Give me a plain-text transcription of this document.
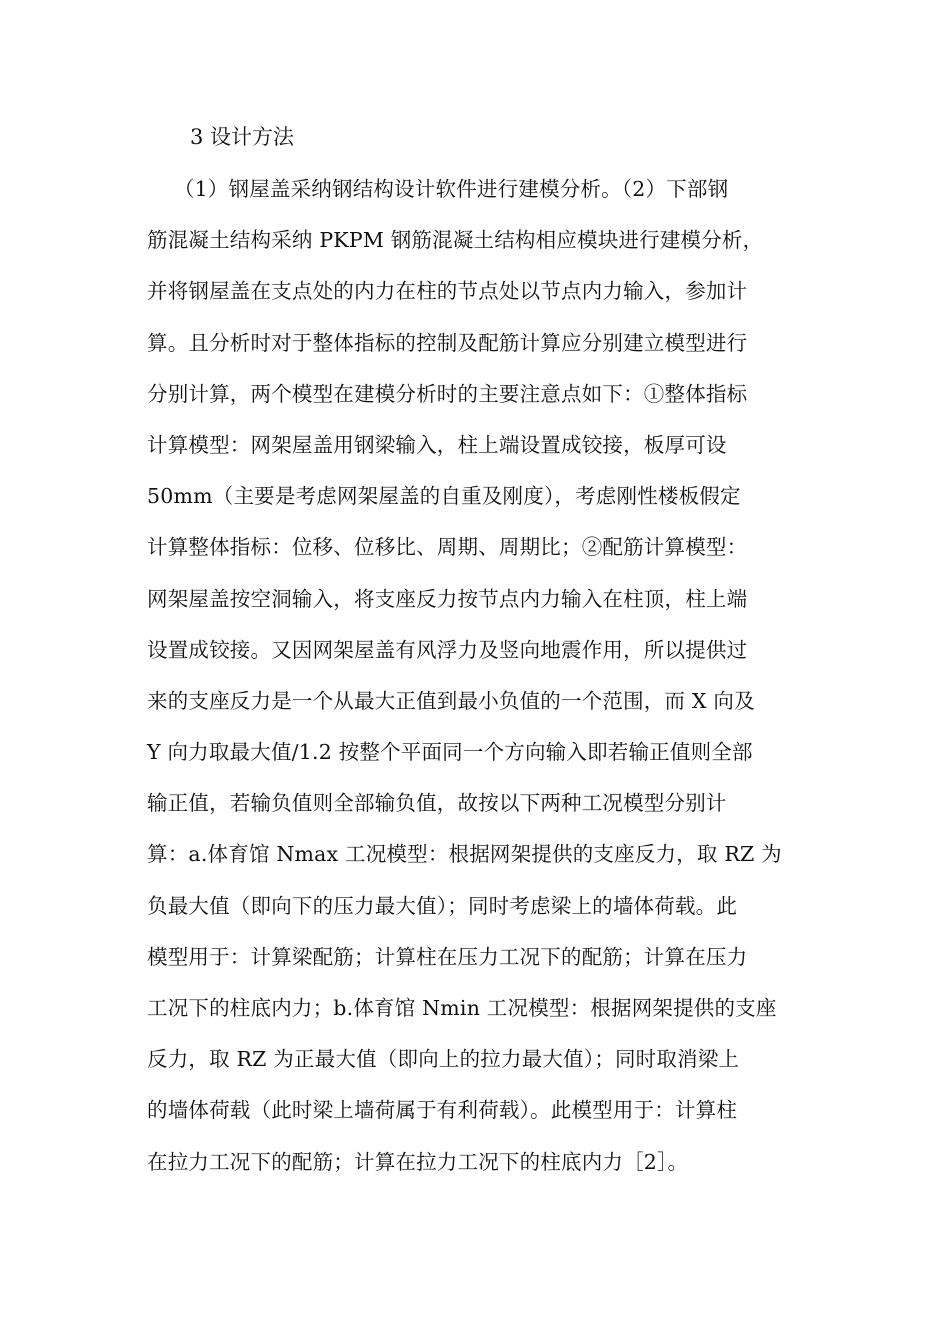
3 设计方法
（1）钢屋盖采纳钢结构设计软件进行建模分析。（2）下部钢
筋混凝土结构采纳 PKPM 钢筋混凝土结构相应模块进行建模分析，
并将钢屋盖在支点处的内力在柱的节点处以节点内力输入，参加计
算。且分析时对于整体指标的控制及配筋计算应分别建立模型进行
分别计算，两个模型在建模分析时的主要注意点如下：①整体指标
计算模型：网架屋盖用钢梁输入，柱上端设置成铰接，板厚可设
50mm（主要是考虑网架屋盖的自重及刚度），考虑刚性楼板假定
计算整体指标：位移、位移比、周期、周期比；②配筋计算模型：
网架屋盖按空洞输入，将支座反力按节点内力输入在柱顶，柱上端
设置成铰接。又因网架屋盖有风浮力及竖向地震作用，所以提供过
来的支座反力是一个从最大正值到最小负值的一个范围，而 X 向及
Y 向力取最大值/1.2 按整个平面同一个方向输入即若输正值则全部
输正值，若输负值则全部输负值，故按以下两种工况模型分别计
算：a.体育馆 Nmax 工况模型：根据网架提供的支座反力，取 RZ 为
负最大值（即向下的压力最大值）；同时考虑梁上的墙体荷载。此
模型用于：计算梁配筋；计算柱在压力工况下的配筋；计算在压力
工况下的柱底内力；b.体育馆 Nmin 工况模型：根据网架提供的支座
反力，取 RZ 为正最大值（即向上的拉力最大值）；同时取消梁上
的墙体荷载（此时梁上墙荷属于有利荷载）。此模型用于：计算柱
在拉力工况下的配筋；计算在拉力工况下的柱底内力［2］。
